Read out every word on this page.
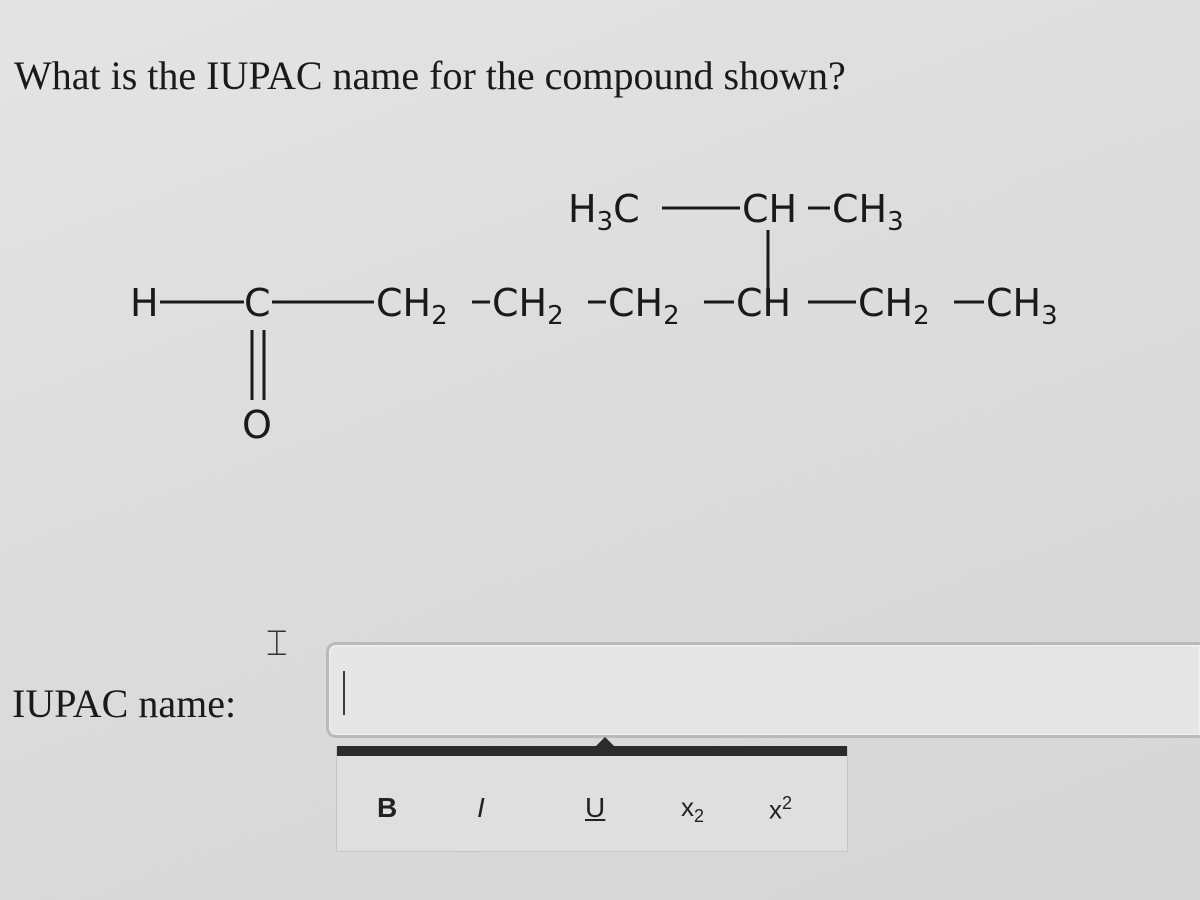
What is the IUPAC name for the compound shown?
$H_3C$	CH $CH_3$
H C	$CH_2$ $CH_2$ $CH_2$ CH $CH_2$ $CH_3$
O
⌶
IUPAC name:
B	I	U	$x_2$ $x^2$
